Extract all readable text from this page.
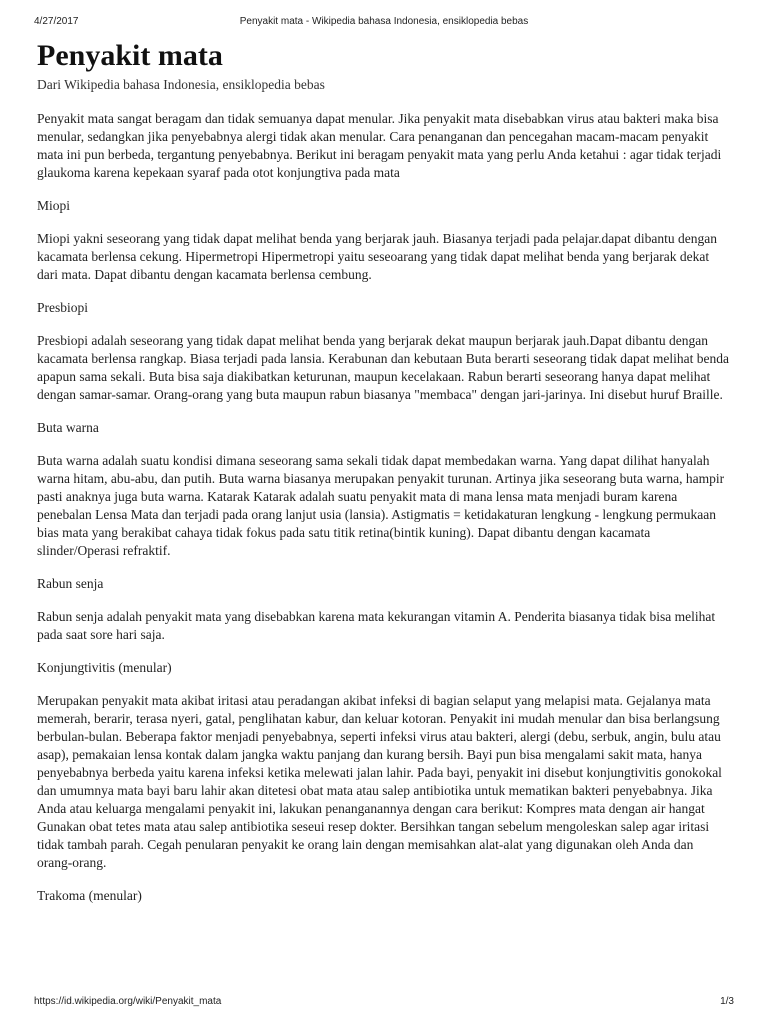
4/27/2017	Penyakit mata - Wikipedia bahasa Indonesia, ensiklopedia bebas
Penyakit mata
Dari Wikipedia bahasa Indonesia, ensiklopedia bebas

Penyakit mata sangat beragam dan tidak semuanya dapat menular. Jika penyakit mata disebabkan virus atau bakteri maka bisa menular, sedangkan jika penyebabnya alergi tidak akan menular. Cara penanganan dan pencegahan macam-macam penyakit mata ini pun berbeda, tergantung penyebabnya. Berikut ini beragam penyakit mata yang perlu Anda ketahui : agar tidak terjadi glaukoma karena kepekaan syaraf pada otot konjungtiva pada mata

Miopi

Miopi yakni seseorang yang tidak dapat melihat benda yang berjarak jauh. Biasanya terjadi pada pelajar.dapat dibantu dengan kacamata berlensa cekung. Hipermetropi Hipermetropi yaitu seseoarang yang tidak dapat melihat benda yang berjarak dekat dari mata. Dapat dibantu dengan kacamata berlensa cembung.

Presbiopi

Presbiopi adalah seseorang yang tidak dapat melihat benda yang berjarak dekat maupun berjarak jauh.Dapat dibantu dengan kacamata berlensa rangkap. Biasa terjadi pada lansia. Kerabunan dan kebutaan Buta berarti seseorang tidak dapat melihat benda apapun sama sekali. Buta bisa saja diakibatkan keturunan, maupun kecelakaan. Rabun berarti seseorang hanya dapat melihat dengan samar-samar. Orang-orang yang buta maupun rabun biasanya "membaca" dengan jari-jarinya. Ini disebut huruf Braille.

Buta warna

Buta warna adalah suatu kondisi dimana seseorang sama sekali tidak dapat membedakan warna. Yang dapat dilihat hanyalah warna hitam, abu-abu, dan putih. Buta warna biasanya merupakan penyakit turunan. Artinya jika seseorang buta warna, hampir pasti anaknya juga buta warna. Katarak Katarak adalah suatu penyakit mata di mana lensa mata menjadi buram karena penebalan Lensa Mata dan terjadi pada orang lanjut usia (lansia). Astigmatis = ketidakaturan lengkung - lengkung permukaan bias mata yang berakibat cahaya tidak fokus pada satu titik retina(bintik kuning). Dapat dibantu dengan kacamata slinder/Operasi refraktif.

Rabun senja

Rabun senja adalah penyakit mata yang disebabkan karena mata kekurangan vitamin A. Penderita biasanya tidak bisa melihat pada saat sore hari saja.

Konjungtivitis (menular)

Merupakan penyakit mata akibat iritasi atau peradangan akibat infeksi di bagian selaput yang melapisi mata. Gejalanya mata memerah, berarir, terasa nyeri, gatal, penglihatan kabur, dan keluar kotoran. Penyakit ini mudah menular dan bisa berlangsung berbulan-bulan. Beberapa faktor menjadi penyebabnya, seperti infeksi virus atau bakteri, alergi (debu, serbuk, angin, bulu atau asap), pemakaian lensa kontak dalam jangka waktu panjang dan kurang bersih. Bayi pun bisa mengalami sakit mata, hanya penyebabnya berbeda yaitu karena infeksi ketika melewati jalan lahir. Pada bayi, penyakit ini disebut konjungtivitis gonokokal dan umumnya mata bayi baru lahir akan ditetesi obat mata atau salep antibiotika untuk mematikan bakteri penyebabnya. Jika Anda atau keluarga mengalami penyakit ini, lakukan penanganannya dengan cara berikut: Kompres mata dengan air hangat Gunakan obat tetes mata atau salep antibiotika seseui resep dokter. Bersihkan tangan sebelum mengoleskan salep agar iritasi tidak tambah parah. Cegah penularan penyakit ke orang lain dengan memisahkan alat-alat yang digunakan oleh Anda dan orang-orang.

Trakoma (menular)
https://id.wikipedia.org/wiki/Penyakit_mata	1/3
